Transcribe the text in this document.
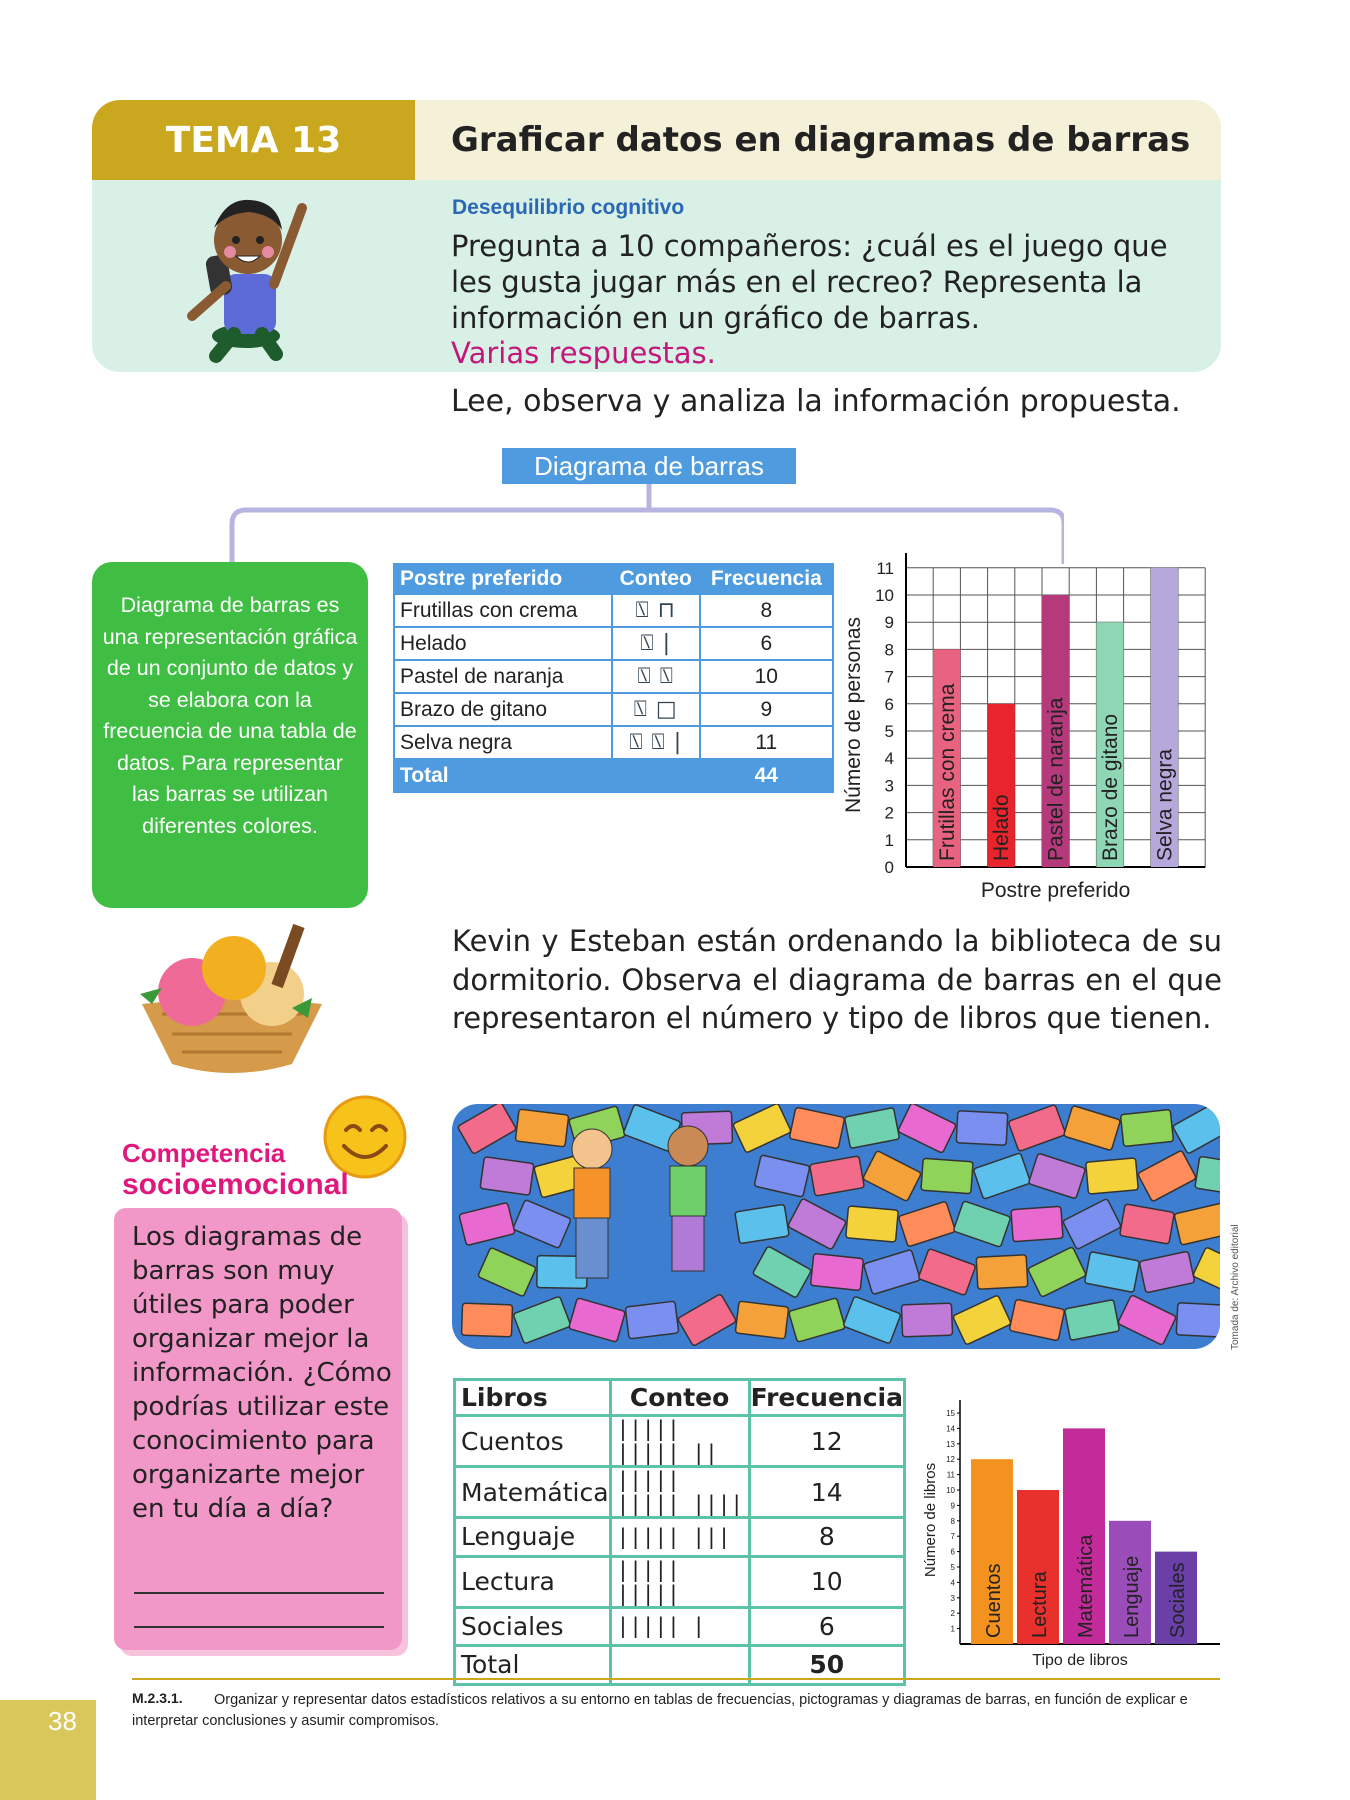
TEMA 13	Graficar datos en diagramas de barras
Desequilibrio cognitivo
Pregunta a 10 compañeros: ¿cuál es el juego que les gusta jugar más en el recreo? Representa la información en un gráfico de barras.
Varias respuestas.
Lee, observa y analiza la información propuesta.
Diagrama de barras
Diagrama de barras es una representación gráfica de un conjunto de datos y se elabora con la frecuencia de una tabla de datos. Para representar las barras se utilizan diferentes colores.
Postre preferido	Conteo	Frecuencia
Frutillas con crema	⍂ ⊓	8
Helado	⍂ |	6
Pastel de naranja	⍂ ⍂	10
Brazo de gitano	⍂ □	9
Selva negra	⍂ ⍂ |	11
Total		44
0
1
2
3
4
5
6
7
8
9
10
11
Frutillas con crema Helado Pastel de naranja Brazo de gitano Selva negra
Postre preferido
Número de personas
Kevin y Esteban están ordenando la biblioteca de su dormitorio. Observa el diagrama de barras en el que representaron el número y tipo de libros que tienen.
Competencia
socioemocional
Los diagramas de barras son muy útiles para poder organizar mejor la información. ¿Cómo podrías utilizar este conocimiento para organizarte mejor en tu día a día?
Tomada de: Archivo editorial
Libros	Conteo	Frecuencia
Cuentos	||||| ||||| ||	12
Matemática	||||| ||||| ||||	14
Lenguaje	||||| |||	8
Lectura	||||| |||||	10
Sociales	||||| |	6
Total		50
1
2
3
4
5
6
7
8
9
10
11
12
13
14
15
Cuentos Lectura Matemática Lenguaje Sociales
Tipo de libros
Número de libros
38
Organizar y representar datos estadísticos relativos a su entorno en tablas de frecuencias, pictogramas y diagramas de barras, en función de explicar e interpretar conclusiones y asumir compromisos.
M.2.3.1.
